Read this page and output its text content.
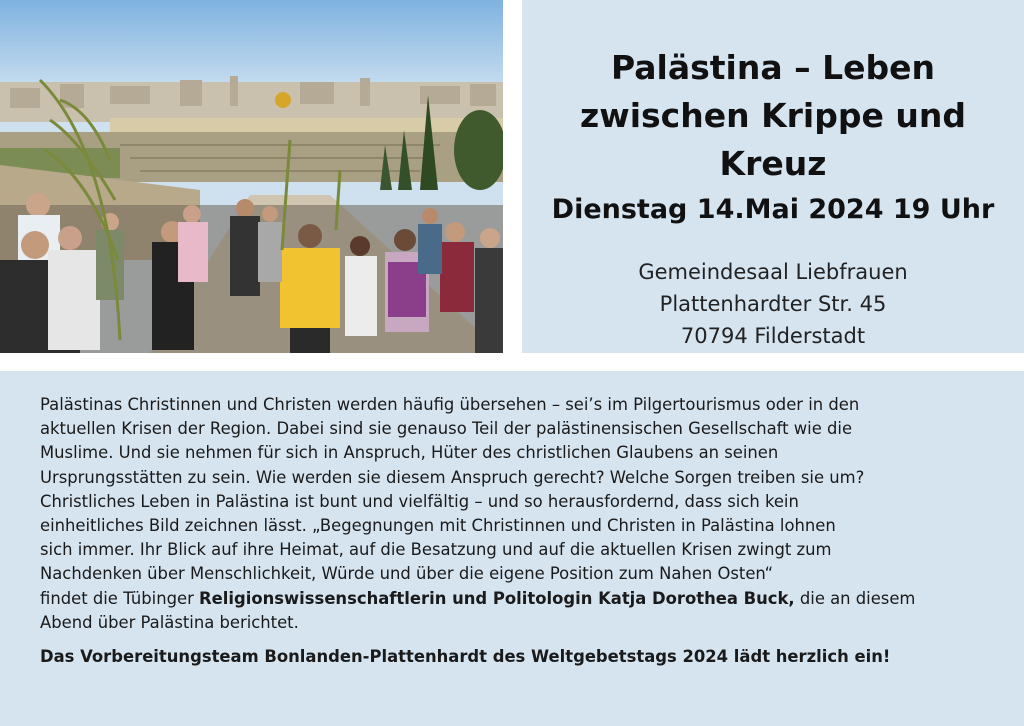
Palästina – Leben

zwischen Krippe und Kreuz

Dienstag 14.Mai 2024 19 Uhr

Gemeindesaal Liebfrauen
Plattenhardter Str. 45
70794 Filderstadt

Palästinas Christinnen und Christen werden häufig übersehen – sei’s im Pilgertourismus oder in den
aktuellen Krisen der Region. Dabei sind sie genauso Teil der palästinensischen Gesellschaft wie die
Muslime. Und sie nehmen für sich in Anspruch, Hüter des christlichen Glaubens an seinen
Ursprungsstätten zu sein. Wie werden sie diesem Anspruch gerecht? Welche Sorgen treiben sie um?
Christliches Leben in Palästina ist bunt und vielfältig – und so herausfordernd, dass sich kein
einheitliches Bild zeichnen lässt. „Begegnungen mit Christinnen und Christen in Palästina lohnen
sich immer. Ihr Blick auf ihre Heimat, auf die Besatzung und auf die aktuellen Krisen zwingt zum
Nachdenken über Menschlichkeit, Würde und über die eigene Position zum Nahen Osten“
findet die Tübinger Religionswissenschaftlerin und Politologin Katja Dorothea Buck, die an diesem
Abend über Palästina berichtet.

Das Vorbereitungsteam Bonlanden-Plattenhardt des Weltgebetstags 2024 lädt herzlich ein!
